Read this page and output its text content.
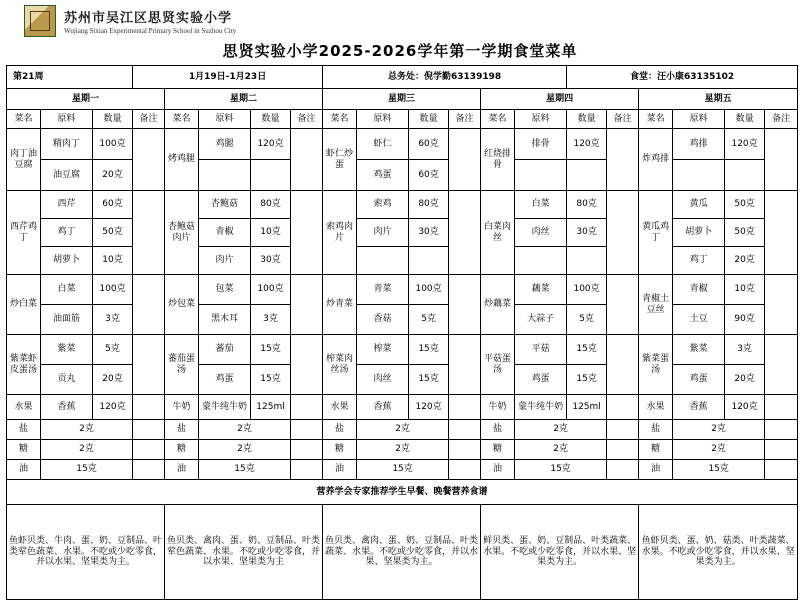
苏州市吴江区思贤实验小学
Wujiang Sixian Experimental Primary School in Suzhou City
思贤实验小学2025-2026学年第一学期食堂菜单
第21周			1月19日-1月23日					总务处：倪学勤63139198						食堂：汪小康63135102					
星期一				星期二				星期三				星期四				星期五			
菜名	原料	数量	备注	菜名	原料	数量	备注	菜名	原料	数量	备注	菜名	原料	数量	备注	菜名	原料	数量	备注
肉丁油豆腐	精肉丁	100克		烤鸡腿	鸡腿	120克		虾仁炒蛋	虾仁	60克		红烧排骨	排骨	120克		炸鸡排	鸡排	120克	
	油豆腐	20克							鸡蛋	60克									
西芹鸡丁	西芹	60克		杏鲍菇肉片	杏鲍菇	80克		索鸡肉片	索鸡	80克		白菜肉丝	白菜	80克		黄瓜鸡丁	黄瓜	50克	
	鸡丁	50克			青椒	10克			肉片	30克			肉丝	30克			胡萝卜	50克	
	胡萝卜	10克			肉片	30克											鸡丁	20克	
炒白菜	白菜	100克		炒包菜	包菜	100克		炒青菜	青菜	100克		炒藕菜	藕菜	100克		青椒土豆丝	青椒	10克	
	油面筋	3克			黑木耳	3克			香菇	5克			大蒜子	5克			土豆	90克	
紫菜虾皮蛋汤	紫菜	5克		蕃茄蛋汤	蕃茄	15克		榨菜肉丝汤	榨菜	15克		平菇蛋汤	平菇	15克		紫菜蛋汤	紫菜	3克	
	贡丸	20克			鸡蛋	15克			肉丝	15克			鸡蛋	15克			鸡蛋	20克	
水果	香蕉	120克		牛奶	蒙牛纯牛奶	125ml		水果	香蕉	120克		牛奶	蒙牛纯牛奶	125ml		水果	香蕉	120克	
盐	2克			盐	2克			盐	2克			盐	2克			盐	2克		
糖	2克			糖	2克			糖	2克			糖	2克			糖	2克		
油	15克			油	15克			油	15克			油	15克			油	15克		
营养学会专家推荐学生早餐、晚餐营养食谱																			
鱼虾贝类、牛肉、蛋、奶、豆制品、叶类荤色蔬菜、水果。不吃或少吃零食，并以水果、坚果类为主。				鱼贝类、禽肉、蛋、奶、豆制品、叶类荤色蔬菜、水果。不吃或少吃零食，并以水果、坚果类为主				鱼贝类、禽肉、蛋、奶、豆制品、叶类蔬菜、水果。不吃或少吃零食，并以水果、坚果类为主。				鲜贝类、蛋、奶、豆制品、叶类蔬菜、水果。不吃或少吃零食，并以水果、坚果类为主。				鱼虾贝类、蛋、奶、菇类、叶类蔬菜、水果。不吃或少吃零食，并以水果、坚果类为主。			
